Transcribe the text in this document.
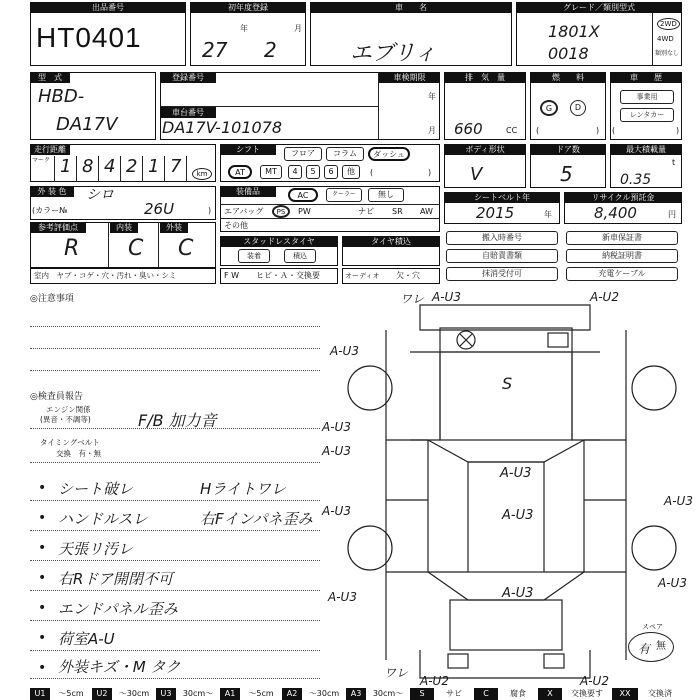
出品番号
HT0401
初年度登録
27
年
2
月
車　　名
エブリィ
グレード／類別型式
1801X
0018
2WD
4WD
類別なし
型　式
HBD-
DA17V
登録番号
車台番号
DA17V-101078
車検期限
年
月
排　気　量
660	CC
燃　　料
G	D
(	)
車　　歴
事業用
レンタカー
(	)
走行距離
マーク 1 8 4 2 1 7	km
シフト	フロア	コラム	ダッシュ
AT	MT	4	5	6	他	(	)
ボディ形状
V
ドア数
5
最大積載量
t
0.35
外 装 色	シロ
(カラー№	26U	)
装備品	AC	クーラー	無し
エアバッグ	PS	PW	ナビ SR AW
その他
シートベルト年
2015	年
リサイクル預託金
8,400	円
参考評価点	内装	外装
R C C	スタッドレスタイヤ
装着	積込
タイヤ積込	搬入時番号
自賠責書類
抹消受付可
新車保証書
納税証明書
充電ケーブル
室内　ヤブ・コゲ・穴・汚れ・臭い・シミ	F W ヒビ・Ａ・交換要	オーディオ 欠・穴
◎注意事項
◎検査員報告
エンジン関係
(異音・不調等)	F/B 加力音
タイミングベルト
交換　有・無
• シート破レ	Hライトワレ
• ハンドルスレ	右Fインパネ歪み
• 天張リ汚レ
• 右Rドア開閉不可
• エンドパネル歪み
• 荷室A-U
• 外装キズ・M タク
ワレ A-U3	A-U2
A-U3
A-U3
A-U3
S
A-U3
A-U3
A-U3
A-U3
A-U3	A-U3
A-U3
ワレ
A-U2	A-U2
スペア
有 無
U1	～5cm	U2	～30cm	U3	30cm～	A1	～5cm	A2	～30cm	A3	30cm～	S	サビ	C	腐食	X	交換要す	XX	交換済
